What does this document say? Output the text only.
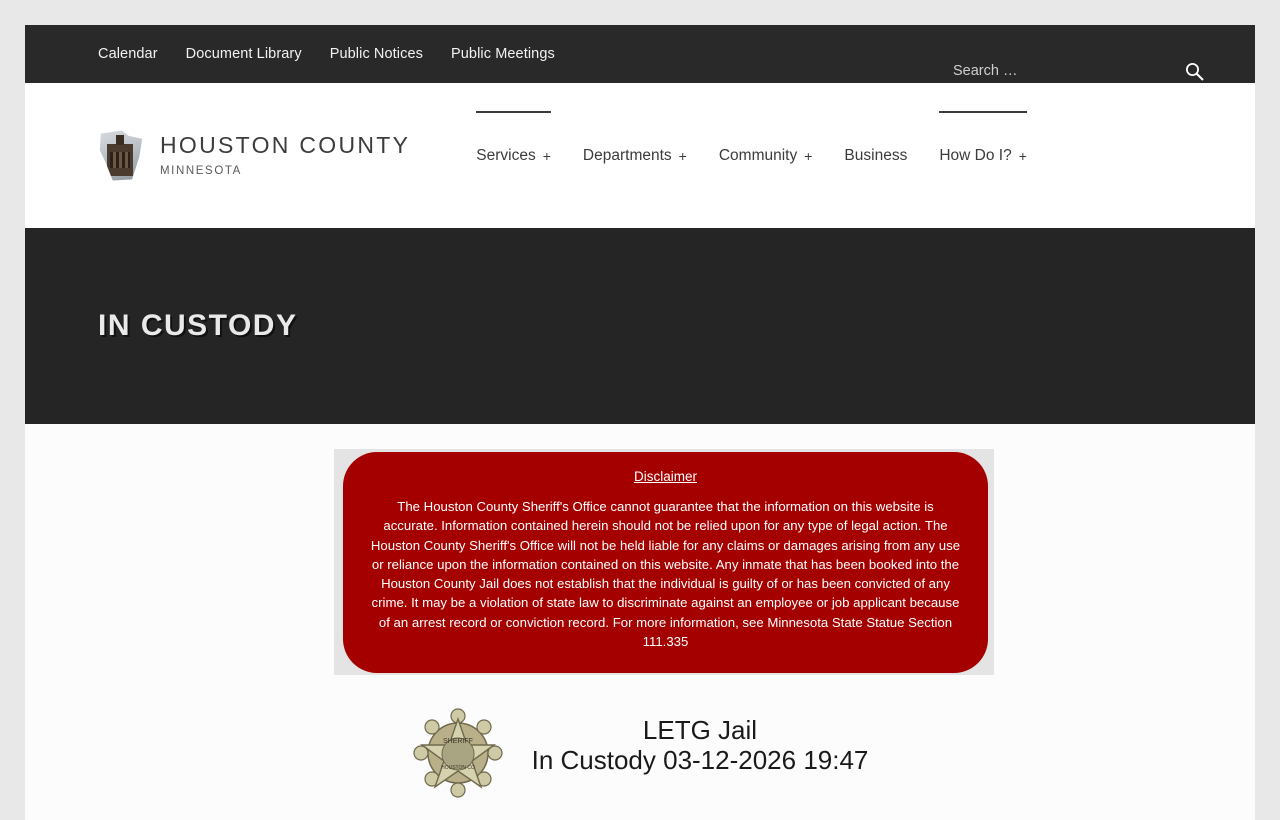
Calendar Document Library Public Notices Public Meetings
Search …
HOUSTON COUNTY
MINNESOTA
Services + Departments + Community + Business How Do I? +
IN CUSTODY
Disclaimer
The Houston County Sheriff's Office cannot guarantee that the information on this website is accurate. Information contained herein should not be relied upon for any type of legal action. The Houston County Sheriff's Office will not be held liable for any claims or damages arising from any use or reliance upon the information contained on this website. Any inmate that has been booked into the Houston County Jail does not establish that the individual is guilty of or has been convicted of any crime. It may be a violation of state law to discriminate against an employee or job applicant because of an arrest record or conviction record. For more information, see Minnesota State Statue Section 111.335
SHERIFF
HOUSTON CO
LETG Jail
In Custody 03-12-2026 19:47
